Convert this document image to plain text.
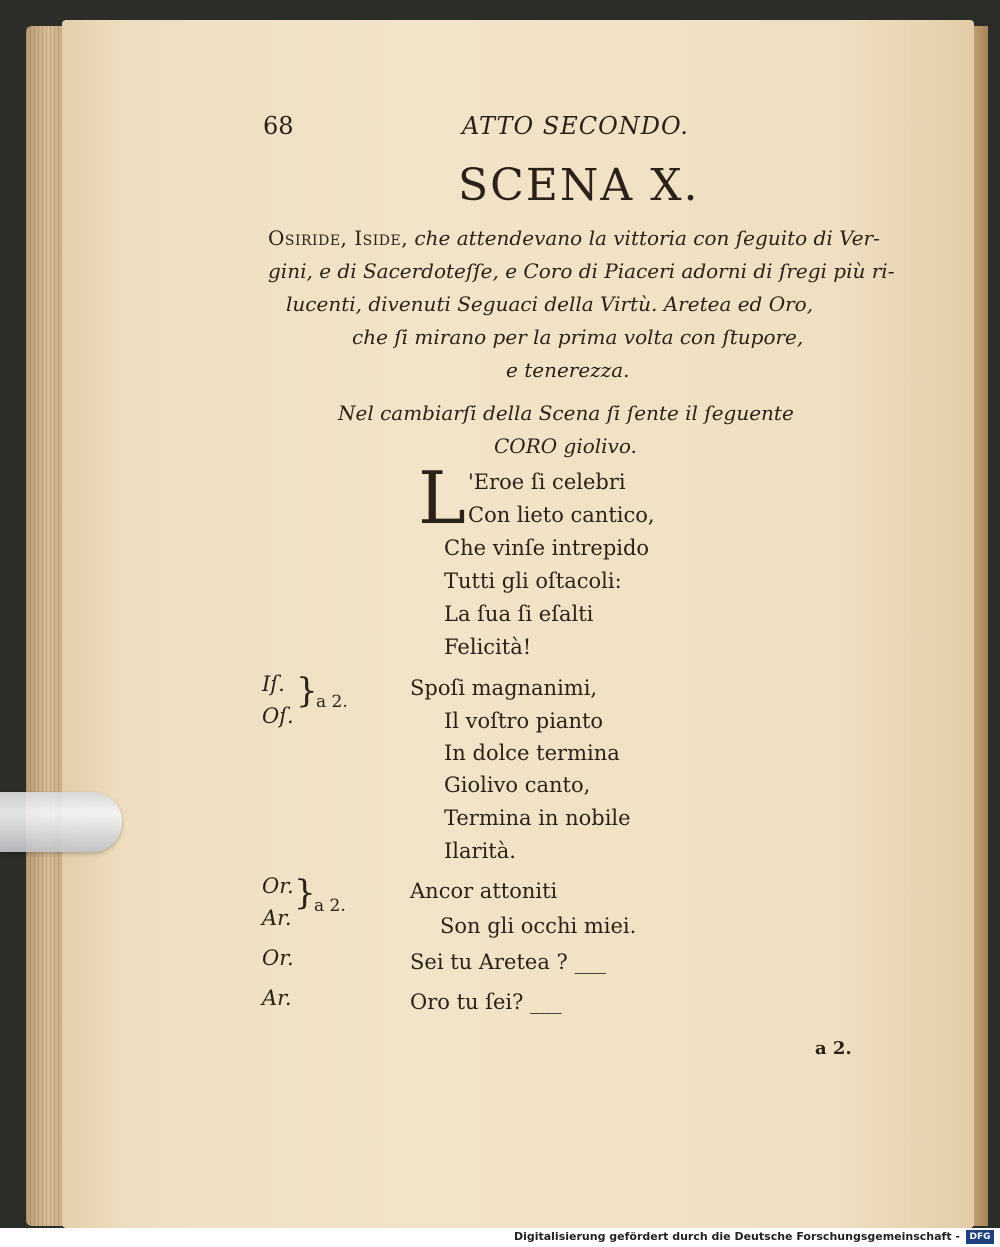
68	ATTO SECONDO.
SCENA X.
Osiride, Iside, che attendevano la vittoria con ſeguito di Ver-
gini, e di Sacerdoteſſe, e Coro di Piaceri adorni di ſregi più ri-
lucenti, divenuti Seguaci della Virtù. Aretea ed Oro,
che ſi mirano per la prima volta con ſtupore,
e tenerezza.
Nel cambiarſi della Scena ſi ſente il ſeguente
CORO giolivo.
L 'Eroe ſi celebri
Con lieto cantico,
Che vinſe intrepido
Tutti gli oſtacoli:
La ſua ſi eſalti
Felicità!
Iſ.
Oſ.
}
a 2.
Spoſi magnanimi,
Il voſtro pianto
In dolce termina
Giolivo canto,
Termina in nobile
Ilarità.
Or.
Ar.
}
a 2.
Ancor attoniti
Son gli occhi miei.
Or.	Sei tu Aretea ? ___
Ar.	Oro tu ſei? ___
a 2.
Digitalisierung gefördert durch die Deutsche Forschungsgemeinschaft -	DFG
